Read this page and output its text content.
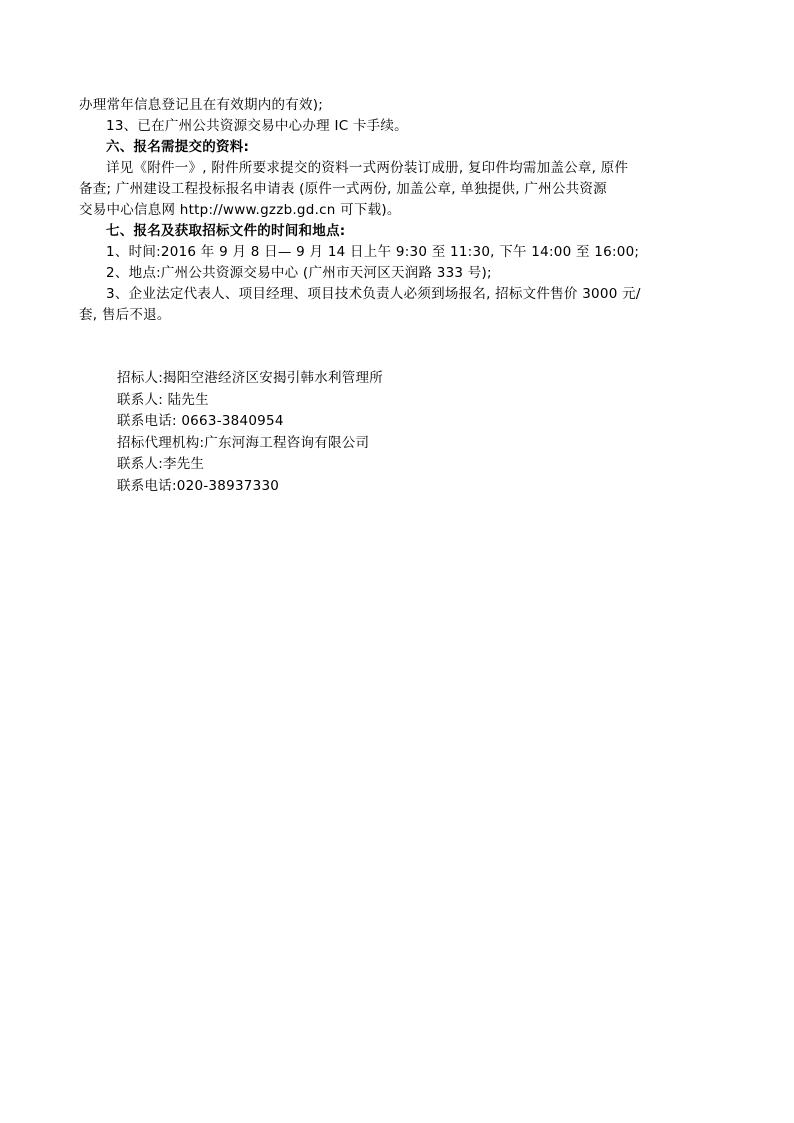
办理常年信息登记且在有效期内的有效);
13、已在广州公共资源交易中心办理 IC 卡手续。
六、报名需提交的资料:
详见《附件一》, 附件所要求提交的资料一式两份装订成册, 复印件均需加盖公章, 原件
备查; 广州建设工程投标报名申请表 (原件一式两份, 加盖公章, 单独提供, 广州公共资源
交易中心信息网 http://www.gzzb.gd.cn 可下载)。
七、报名及获取招标文件的时间和地点:
1、时间:2016 年 9 月 8 日— 9 月 14 日上午 9:30 至 11:30, 下午 14:00 至 16:00;
2、地点:广州公共资源交易中心 (广州市天河区天润路 333 号);
3、企业法定代表人、项目经理、项目技术负责人必须到场报名, 招标文件售价 3000 元/
套, 售后不退。
招标人:揭阳空港经济区安揭引韩水利管理所
联系人: 陆先生
联系电话: 0663-3840954
招标代理机构:广东河海工程咨询有限公司
联系人:李先生
联系电话:020-38937330
